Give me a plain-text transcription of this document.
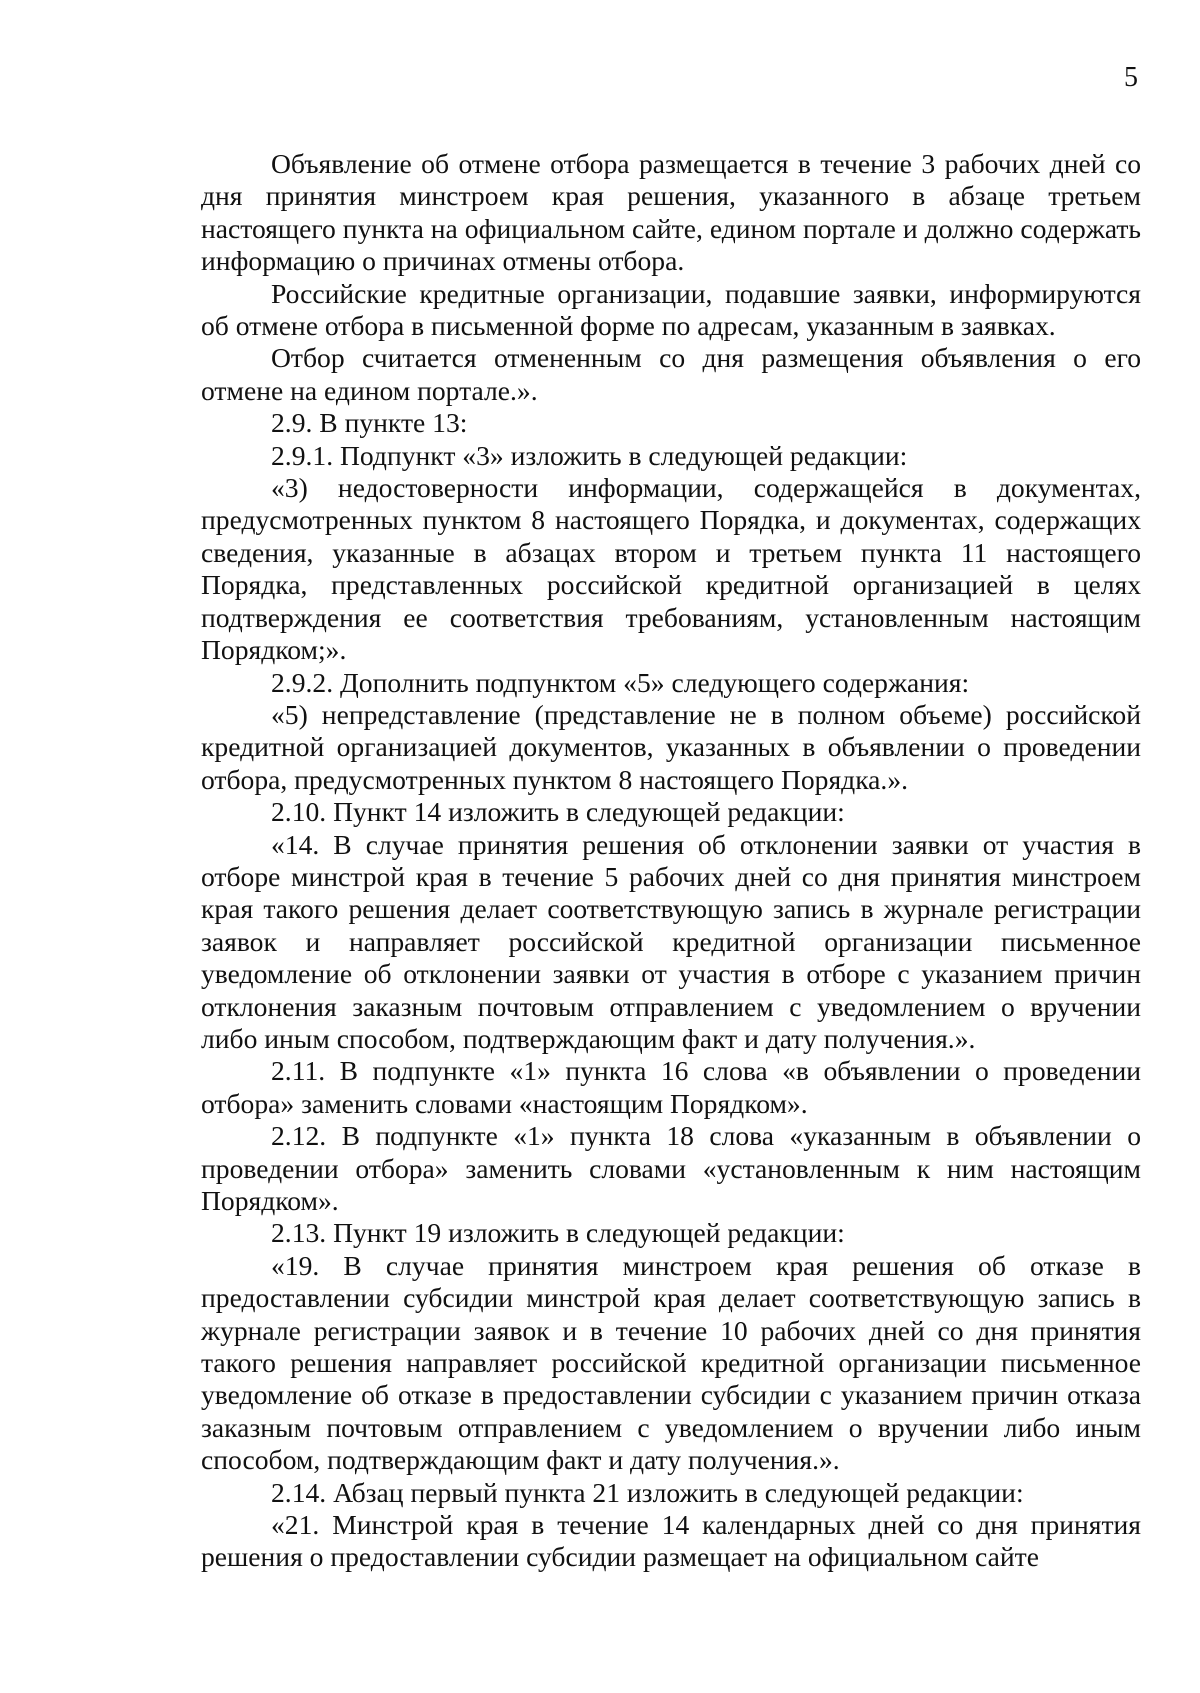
5

Объявление об отмене отбора размещается в течение 3 рабочих дней со дня принятия минстроем края решения, указанного в абзаце третьем настоящего пункта на официальном сайте, едином портале и должно содержать информацию о причинах отмены отбора.

Российские кредитные организации, подавшие заявки, информируются об отмене отбора в письменной форме по адресам, указанным в заявках.

Отбор считается отмененным со дня размещения объявления о его отмене на едином портале.».

2.9. В пункте 13:

2.9.1. Подпункт «3» изложить в следующей редакции:

«3) недостоверности информации, содержащейся в документах, предусмотренных пунктом 8 настоящего Порядка, и документах, содержащих сведения, указанные в абзацах втором и третьем пункта 11 настоящего Порядка, представленных российской кредитной организацией в целях подтверждения ее соответствия требованиям, установленным настоящим Порядком;».

2.9.2. Дополнить подпунктом «5» следующего содержания:

«5) непредставление (представление не в полном объеме) российской кредитной организацией документов, указанных в объявлении о проведении отбора, предусмотренных пунктом 8 настоящего Порядка.».

2.10. Пункт 14 изложить в следующей редакции:

«14. В случае принятия решения об отклонении заявки от участия в отборе минстрой края в течение 5 рабочих дней со дня принятия минстроем края такого решения делает соответствующую запись в журнале регистрации заявок и направляет российской кредитной организации письменное уведомление об отклонении заявки от участия в отборе с указанием причин отклонения заказным почтовым отправлением с уведомлением о вручении либо иным способом, подтверждающим факт и дату получения.».

2.11. В подпункте «1» пункта 16 слова «в объявлении о проведении отбора» заменить словами «настоящим Порядком».

2.12. В подпункте «1» пункта 18 слова «указанным в объявлении о проведении отбора» заменить словами «установленным к ним настоящим Порядком».

2.13. Пункт 19 изложить в следующей редакции:

«19. В случае принятия минстроем края решения об отказе в предоставлении субсидии минстрой края делает соответствующую запись в журнале регистрации заявок и в течение 10 рабочих дней со дня принятия такого решения направляет российской кредитной организации письменное уведомление об отказе в предоставлении субсидии с указанием причин отказа заказным почтовым отправлением с уведомлением о вручении либо иным способом, подтверждающим факт и дату получения.».

2.14. Абзац первый пункта 21 изложить в следующей редакции:

«21. Минстрой края в течение 14 календарных дней со дня принятия решения о предоставлении субсидии размещает на официальном сайте
